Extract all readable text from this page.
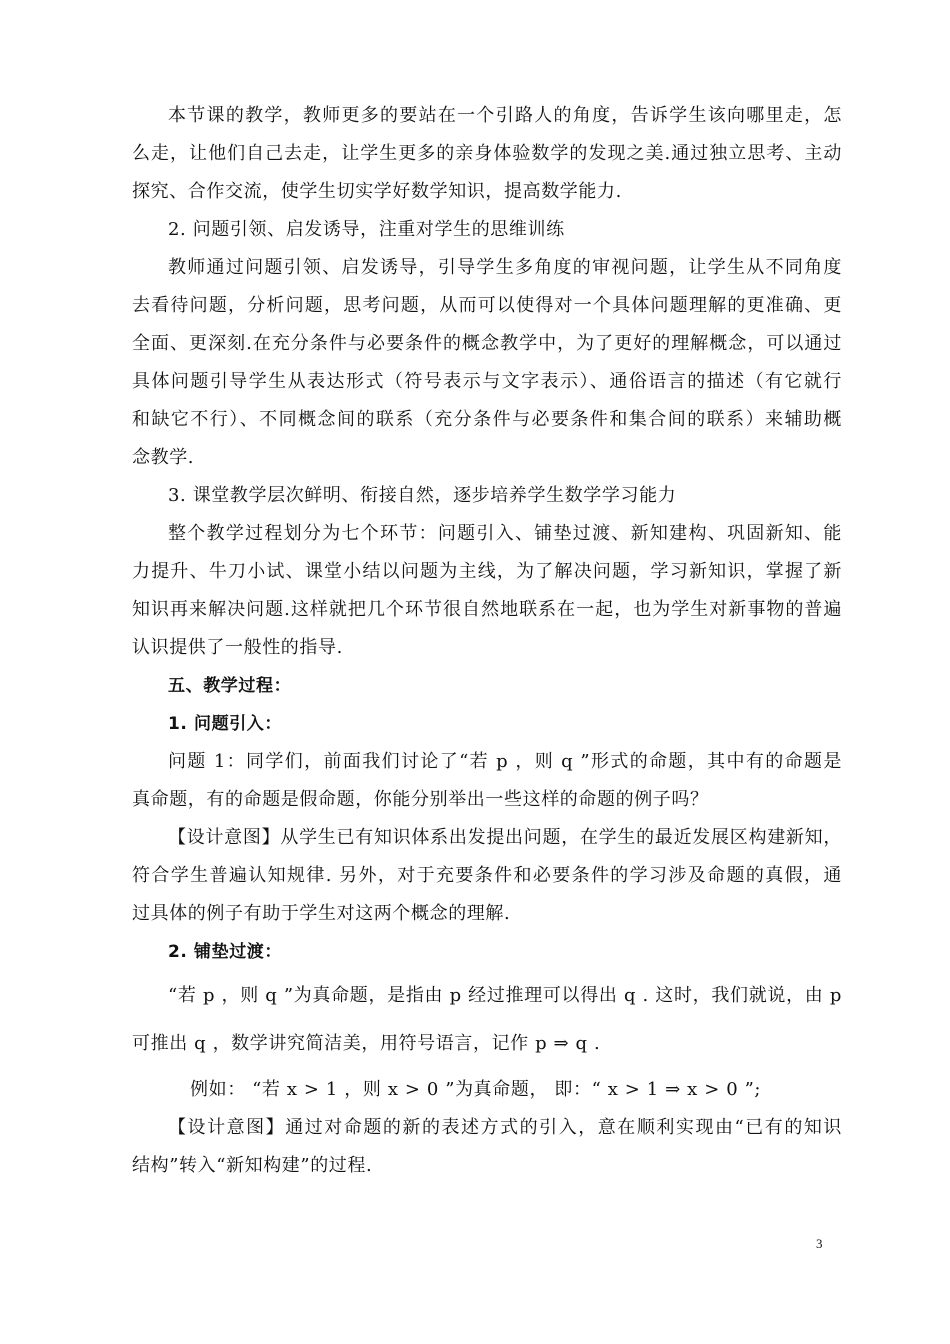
本节课的教学，教师更多的要站在一个引路人的角度，告诉学生该向哪里走，怎
么走，让他们自己去走，让学生更多的亲身体验数学的发现之美.通过独立思考、主动
探究、合作交流，使学生切实学好数学知识，提高数学能力.
2. 问题引领、启发诱导，注重对学生的思维训练
教师通过问题引领、启发诱导，引导学生多角度的审视问题，让学生从不同角度
去看待问题，分析问题，思考问题，从而可以使得对一个具体问题理解的更准确、更
全面、更深刻.在充分条件与必要条件的概念教学中，为了更好的理解概念，可以通过
具体问题引导学生从表达形式（符号表示与文字表示）、通俗语言的描述（有它就行
和缺它不行）、不同概念间的联系（充分条件与必要条件和集合间的联系）来辅助概
念教学.
3. 课堂教学层次鲜明、衔接自然，逐步培养学生数学学习能力
整个教学过程划分为七个环节：问题引入、铺垫过渡、新知建构、巩固新知、能
力提升、牛刀小试、课堂小结以问题为主线，为了解决问题，学习新知识，掌握了新
知识再来解决问题.这样就把几个环节很自然地联系在一起，也为学生对新事物的普遍
认识提供了一般性的指导.
五、教学过程：
1. 问题引入：
问题 1：同学们，前面我们讨论了“若 p ，则 q ”形式的命题，其中有的命题是
真命题，有的命题是假命题，你能分别举出一些这样的命题的例子吗？
【设计意图】从学生已有知识体系出发提出问题，在学生的最近发展区构建新知，
符合学生普遍认知规律. 另外，对于充要条件和必要条件的学习涉及命题的真假，通
过具体的例子有助于学生对这两个概念的理解.
2. 铺垫过渡：
“若 p ，则 q ”为真命题，是指由 p 经过推理可以得出 q . 这时，我们就说，由 p
可推出 q ，数学讲究简洁美，用符号语言，记作 p ⇒ q .
例如： “若 x > 1 ，则 x > 0 ”为真命题， 即：“ x > 1 ⇒ x > 0 ”;
【设计意图】通过对命题的新的表述方式的引入，意在顺利实现由“已有的知识
结构”转入“新知构建”的过程.
3
